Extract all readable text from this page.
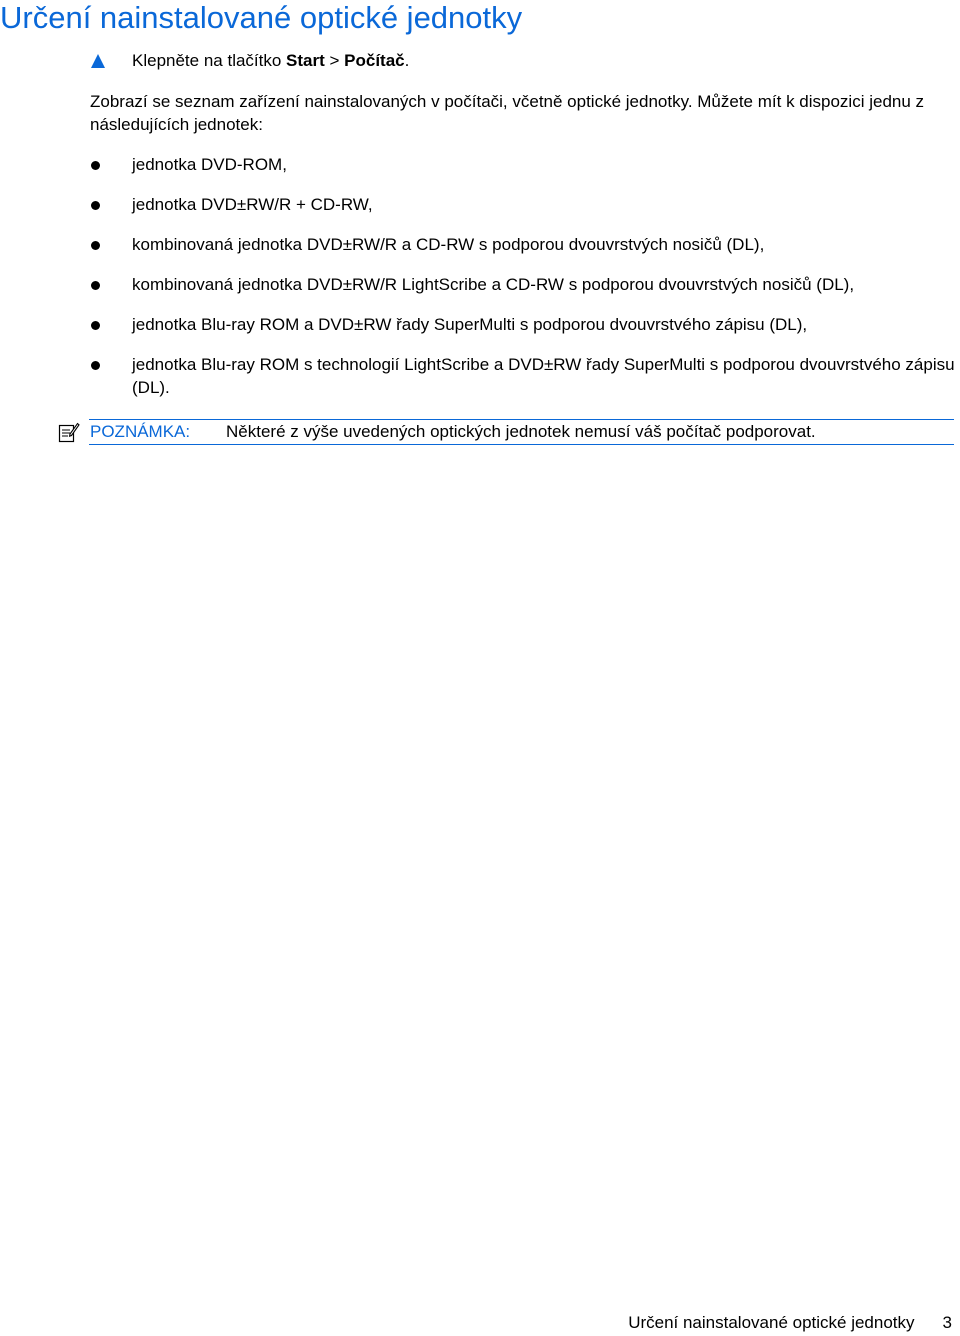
Určení nainstalované optické jednotky
Klepněte na tlačítko Start > Počítač.

Zobrazí se seznam zařízení nainstalovaných v počítači, včetně optické jednotky. Můžete mít k dispozici jednu z následujících jednotek:

jednotka DVD-ROM,
jednotka DVD±RW/R + CD-RW,
kombinovaná jednotka DVD±RW/R a CD-RW s podporou dvouvrstvých nosičů (DL),
kombinovaná jednotka DVD±RW/R LightScribe a CD-RW s podporou dvouvrstvých nosičů (DL),
jednotka Blu-ray ROM a DVD±RW řady SuperMulti s podporou dvouvrstvého zápisu (DL),
jednotka Blu-ray ROM s technologií LightScribe a DVD±RW řady SuperMulti s podporou dvouvrstvého zápisu (DL).
POZNÁMKA: Některé z výše uvedených optických jednotek nemusí váš počítač podporovat.
Určení nainstalované optické jednotky 3
